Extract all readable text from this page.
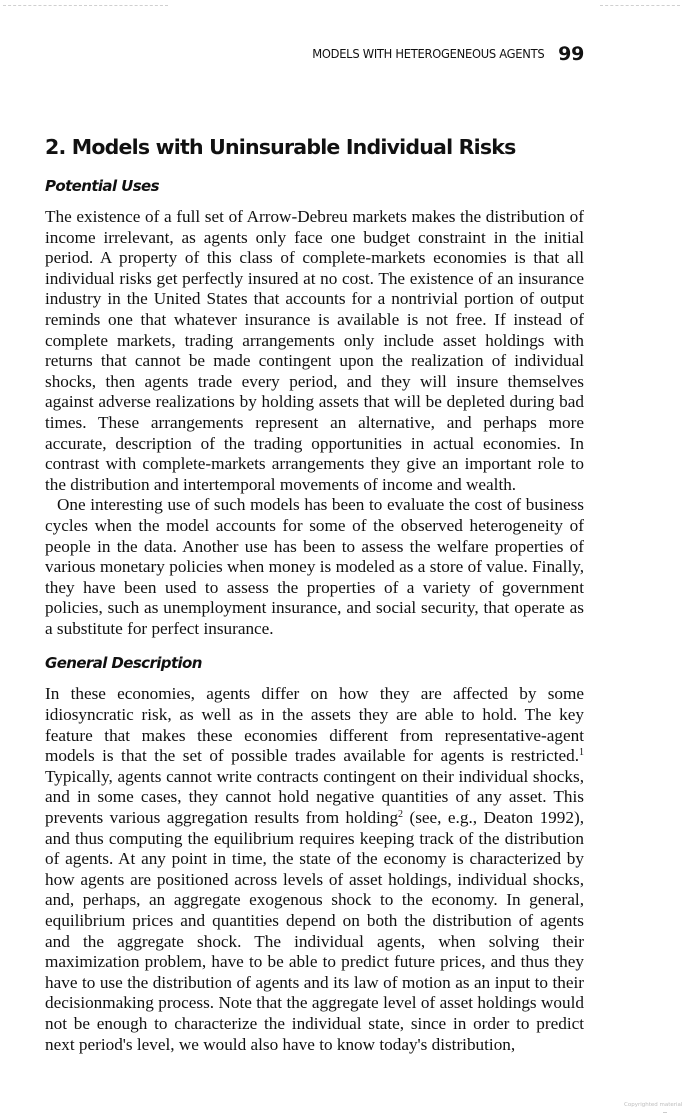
MODELS WITH HETEROGENEOUS AGENTS 99
2. Models with Uninsurable Individual Risks
Potential Uses

The existence of a full set of Arrow-Debreu markets makes the distribution of income irrelevant, as agents only face one budget constraint in the initial period. A property of this class of complete-markets economies is that all individual risks get perfectly insured at no cost. The existence of an insurance industry in the United States that accounts for a nontrivial portion of output reminds one that whatever insurance is available is not free. If instead of complete markets, trading arrangements only include asset holdings with returns that cannot be made contingent upon the realization of individual shocks, then agents trade every period, and they will insure themselves against adverse realizations by holding assets that will be depleted during bad times. These arrangements represent an alternative, and perhaps more accurate, description of the trading opportunities in actual economies. In contrast with complete-markets arrangements they give an important role to the distribution and intertemporal movements of income and wealth.

One interesting use of such models has been to evaluate the cost of business cycles when the model accounts for some of the observed heterogeneity of people in the data. Another use has been to assess the welfare properties of various monetary policies when money is modeled as a store of value. Finally, they have been used to assess the properties of a variety of government policies, such as unemployment insurance, and social security, that operate as a substitute for perfect insurance.

General Description

In these economies, agents differ on how they are affected by some idiosyncratic risk, as well as in the assets they are able to hold. The key feature that makes these economies different from representative-agent models is that the set of possible trades available for agents is restricted.$^1$ Typically, agents cannot write contracts contingent on their individual shocks, and in some cases, they cannot hold negative quantities of any asset. This prevents various aggregation results from holding$^2$ (see, e.g., Deaton 1992), and thus computing the equilibrium requires keeping track of the distribution of agents. At any point in time, the state of the economy is characterized by how agents are positioned across levels of asset holdings, individual shocks, and, perhaps, an aggregate exogenous shock to the economy. In general, equilibrium prices and quantities depend on both the distribution of agents and the aggregate shock. The individual agents, when solving their maximization problem, have to be able to predict future prices, and thus they have to use the distribution of agents and its law of motion as an input to their decisionmaking process. Note that the aggregate level of asset holdings would not be enough to characterize the individual state, since in order to predict next period's level, we would also have to know today's distribution,

Copyrighted material
